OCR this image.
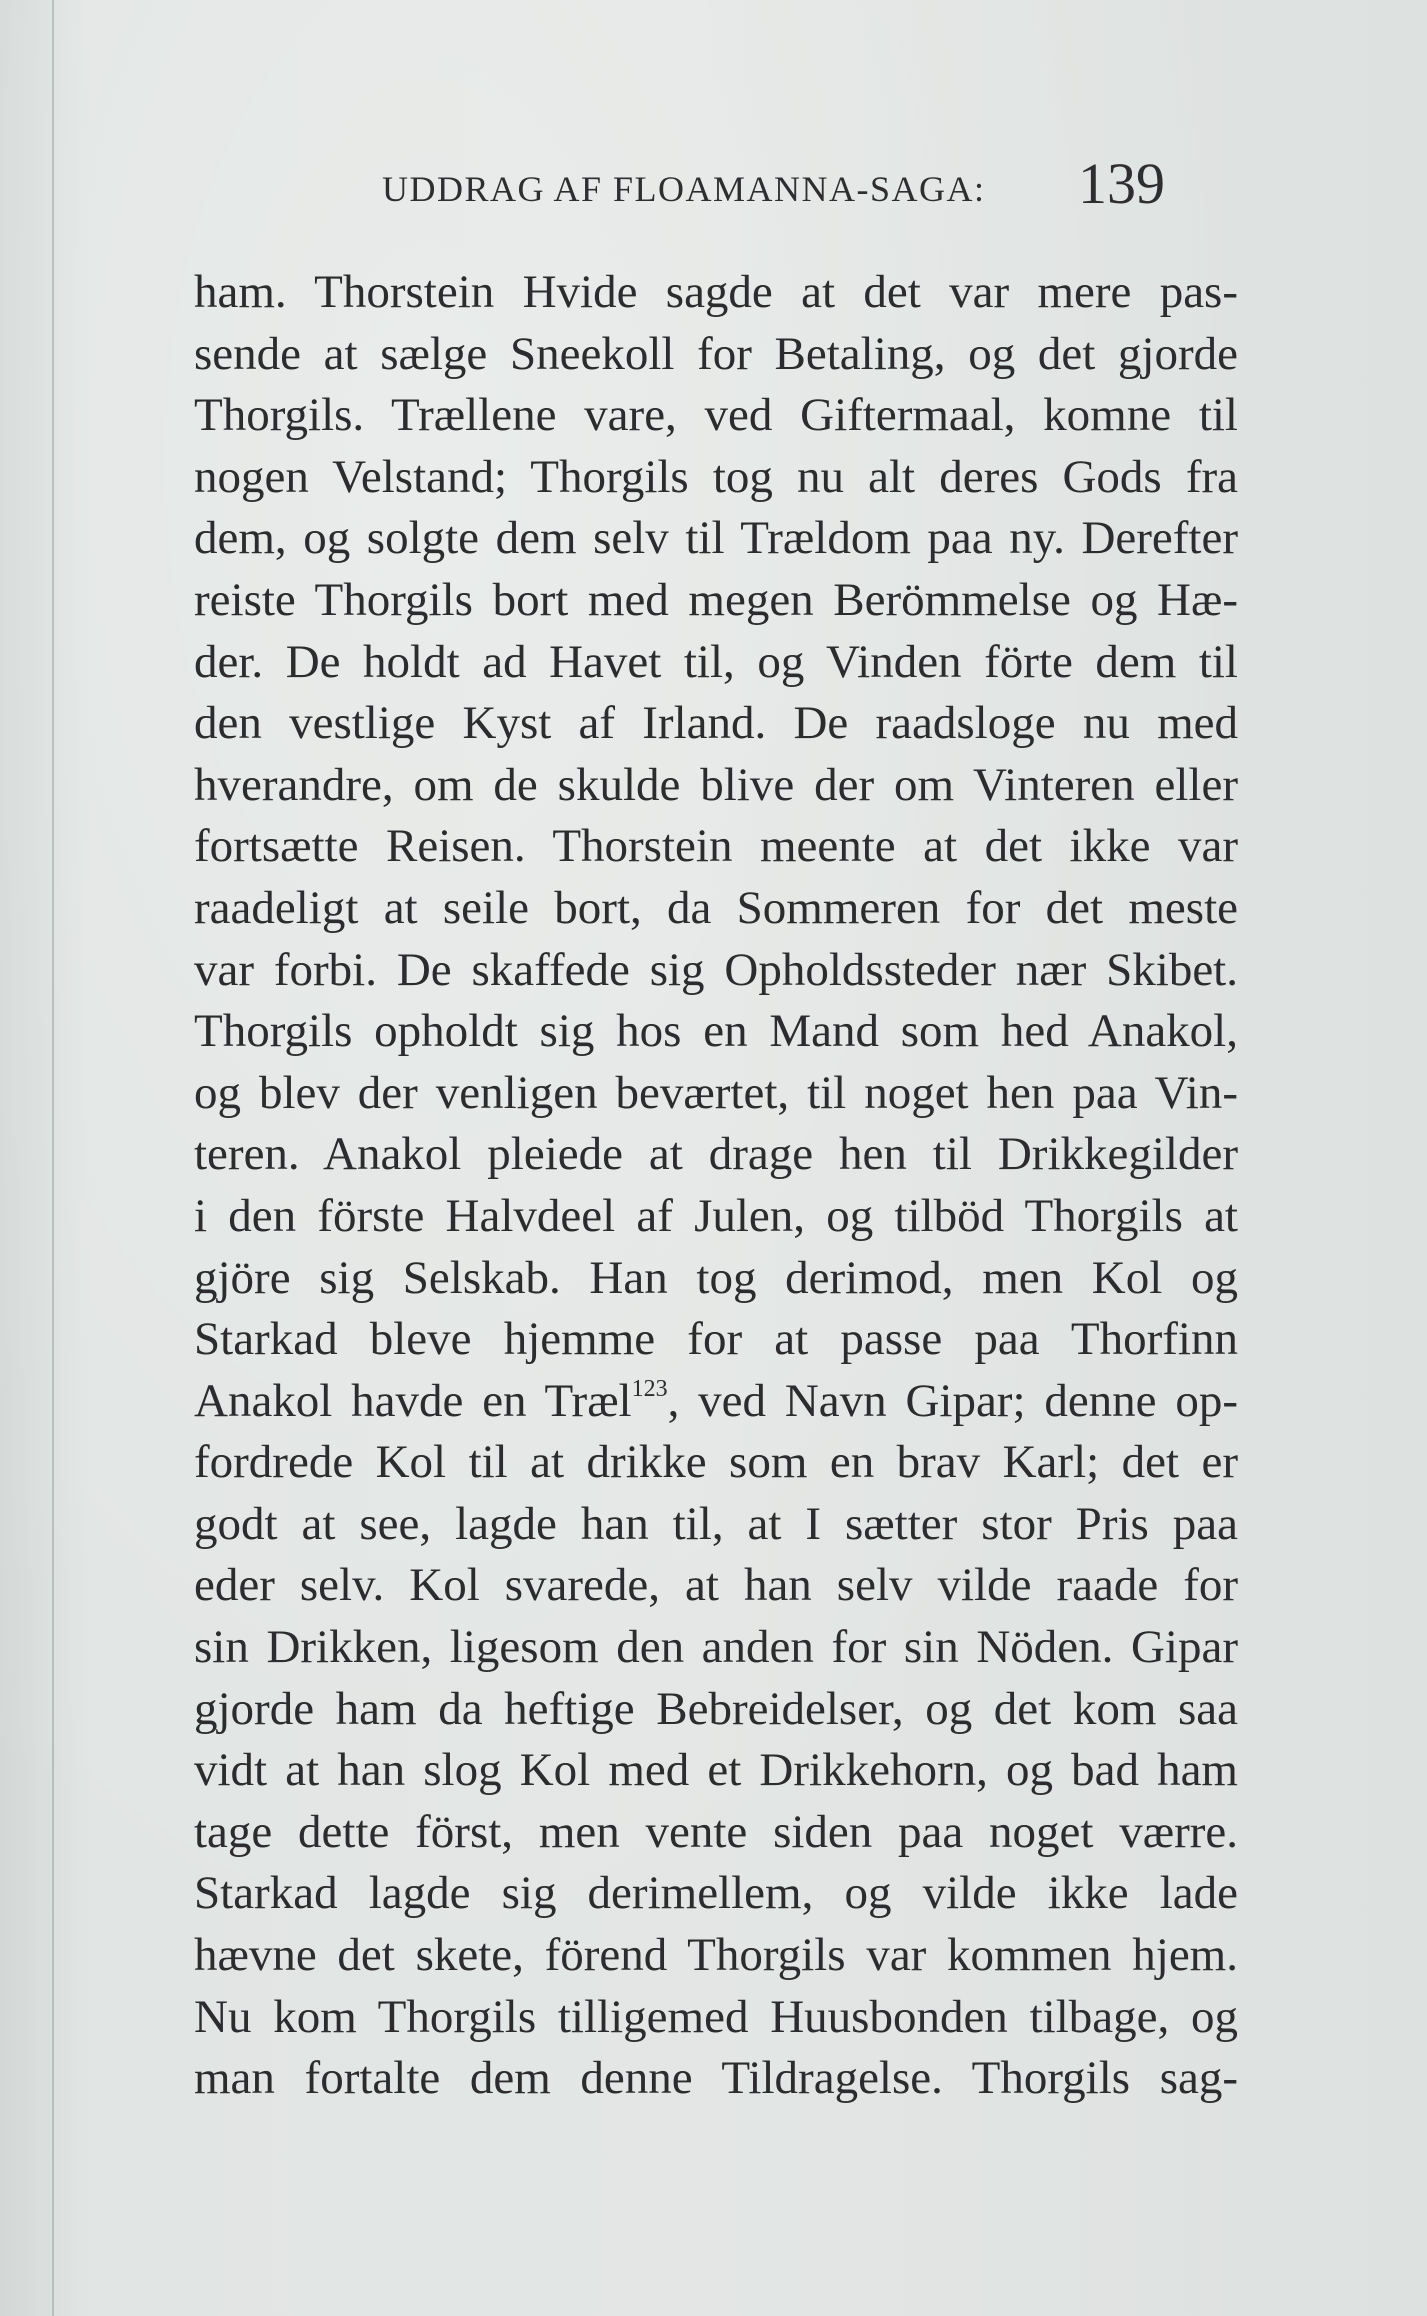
UDDRAG AF FLOAMANNA-SAGA: 139
ham. Thorstein Hvide sagde at det var mere pas-
sende at sælge Sneekoll for Betaling, og det gjorde
Thorgils. Trællene vare, ved Giftermaal, komne til
nogen Velstand; Thorgils tog nu alt deres Gods fra
dem, og solgte dem selv til Trældom paa ny. Derefter
reiste Thorgils bort med megen Berömmelse og Hæ-
der. De holdt ad Havet til, og Vinden förte dem til
den vestlige Kyst af Irland. De raadsloge nu med
hverandre, om de skulde blive der om Vinteren eller
fortsætte Reisen. Thorstein meente at det ikke var
raadeligt at seile bort, da Sommeren for det meste
var forbi. De skaffede sig Opholdssteder nær Skibet.
Thorgils opholdt sig hos en Mand som hed Anakol,
og blev der venligen beværtet, til noget hen paa Vin-
teren. Anakol pleiede at drage hen til Drikkegilder
i den förste Halvdeel af Julen, og tilböd Thorgils at
gjöre sig Selskab. Han tog derimod, men Kol og
Starkad bleve hjemme for at passe paa Thorfinn
Anakol havde en Træl$^{123}$, ved Navn Gipar; denne op-
fordrede Kol til at drikke som en brav Karl; det er
godt at see, lagde han til, at I sætter stor Pris paa
eder selv. Kol svarede, at han selv vilde raade for
sin Drikken, ligesom den anden for sin Nöden. Gipar
gjorde ham da heftige Bebreidelser, og det kom saa
vidt at han slog Kol med et Drikkehorn, og bad ham
tage dette först, men vente siden paa noget værre.
Starkad lagde sig derimellem, og vilde ikke lade
hævne det skete, förend Thorgils var kommen hjem.
Nu kom Thorgils tilligemed Huusbonden tilbage, og
man fortalte dem denne Tildragelse. Thorgils sag-
